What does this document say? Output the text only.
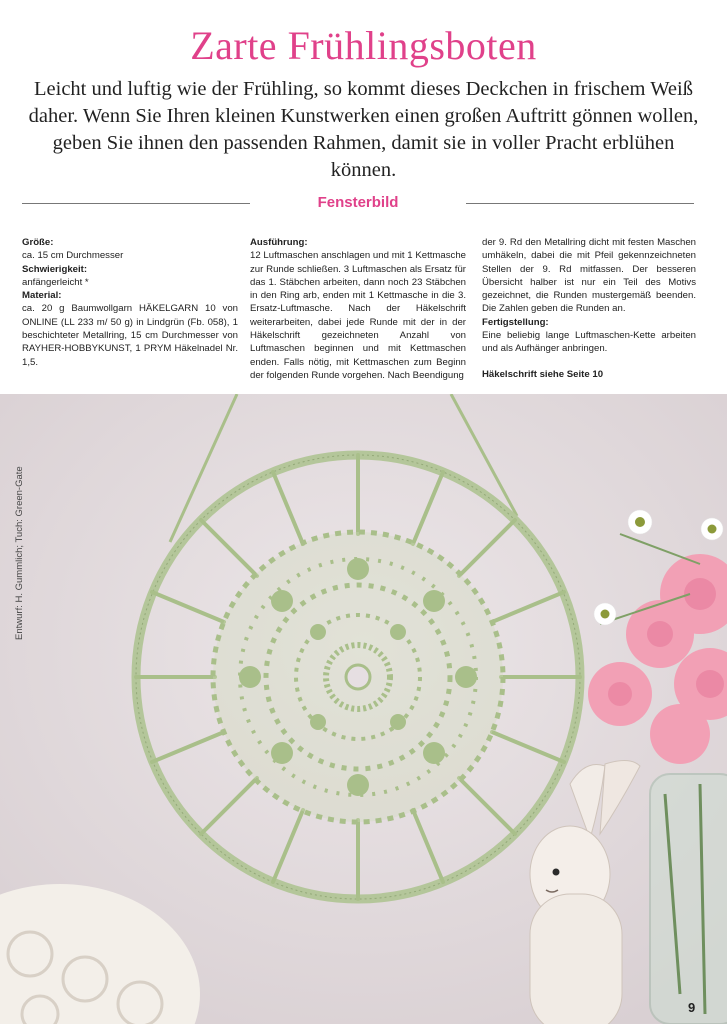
Zarte Frühlingsboten
Leicht und luftig wie der Frühling, so kommt dieses Deckchen in frischem Weiß daher. Wenn Sie Ihren kleinen Kunstwerken einen großen Auftritt gönnen wollen, geben Sie ihnen den passenden Rahmen, damit sie in voller Pracht erblühen können.
Fensterbild
Größe:

ca. 15 cm Durchmesser

Schwierigkeit:

anfängerleicht *

Material:

ca. 20 g Baumwollgarn HÄKELGARN 10 von ONLINE (LL 233 m/ 50 g) in Lindgrün (Fb. 058), 1 beschichteter Metallring, 15 cm Durchmesser von RAYHER-HOBBYKUNST, 1 PRYM Häkelnadel Nr. 1,5.

Ausführung:

12 Luftmaschen anschlagen und mit 1 Kettmasche zur Runde schließen. 3 Luftmaschen als Ersatz für das 1. Stäbchen arbeiten, dann noch 23 Stäbchen in den Ring arb, enden mit 1 Kettmasche in die 3. Ersatz-Luftmasche. Nach der Häkelschrift weiterarbeiten, dabei jede Runde mit der in der Häkelschrift gezeichneten Anzahl von Luftmaschen beginnen und mit Kettmaschen enden. Falls nötig, mit Kettmaschen zum Beginn der folgenden Runde vorgehen. Nach Beendigung

der 9. Rd den Metallring dicht mit festen Maschen umhäkeln, dabei die mit Pfeil gekennzeichneten Stellen der 9. Rd mitfassen. Der besseren Übersicht halber ist nur ein Teil des Motivs gezeichnet, die Runden mustergemäß beenden. Die Zahlen geben die Runden an.

Fertigstellung:

Eine beliebig lange Luftmaschen-Kette arbeiten und als Aufhänger anbringen.

Häkelschrift siehe Seite 10
Entwurf: H. Gummlich; Tuch: Green-Gate
9
